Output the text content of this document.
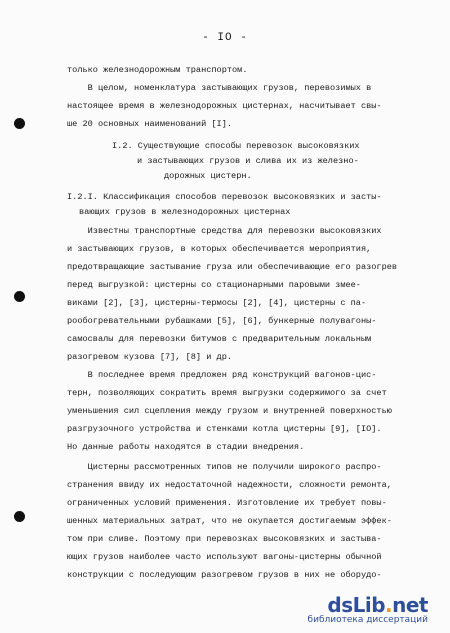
- IO -
только железнодорожным транспортом.
В целом, номенклатура застывающих грузов, перевозимых в
настоящее время в железнодорожных цистернах, насчитывает свы-
ше 20 основных наименований [I].
I.2. Существующие способы перевозок высоковязких
и застывающих грузов и слива их из железно-
дорожных цистерн.
I.2.I. Классификация способов перевозок высоковязких и засты-
вающих грузов в железнодорожных цистернах
Известны транспортные средства для перевозки высоковязких
и застывающих грузов, в которых обеспечивается мероприятия,
предотвращающие застывание груза или обеспечивающие его разогрев
перед выгрузкой: цистерны со стационарными паровыми змее-
виками [2], [3], цистерны-термосы [2], [4], цистерны с па-
рообогревательными рубашками [5], [6], бункерные полувагоны-
самосвалы для перевозки битумов с предварительным локальным
разогревом кузова [7], [8] и др.
В последнее время предложен ряд конструкций вагонов-цис-
терн, позволяющих сократить время выгрузки содержимого за счет
уменьшения сил сцепления между грузом и внутренней поверхностью
разгрузочного устройства и стенками котла цистерны [9], [IO].
Но данные работы находятся в стадии внедрения.
Цистерны рассмотренных типов не получили широкого распро-
странения ввиду их недостаточной надежности, сложности ремонта,
ограниченных условий применения. Изготовление их требует повы-
шенных материальных затрат, что не окупается достигаемым эффек-
том при сливе. Поэтому при перевозках высоковязких и застыва-
ющих грузов наиболее часто используют вагоны-цистерны обычной
конструкции с последующим разогревом грузов в них не оборудо-
dsLib.net
библиотека диссертаций
